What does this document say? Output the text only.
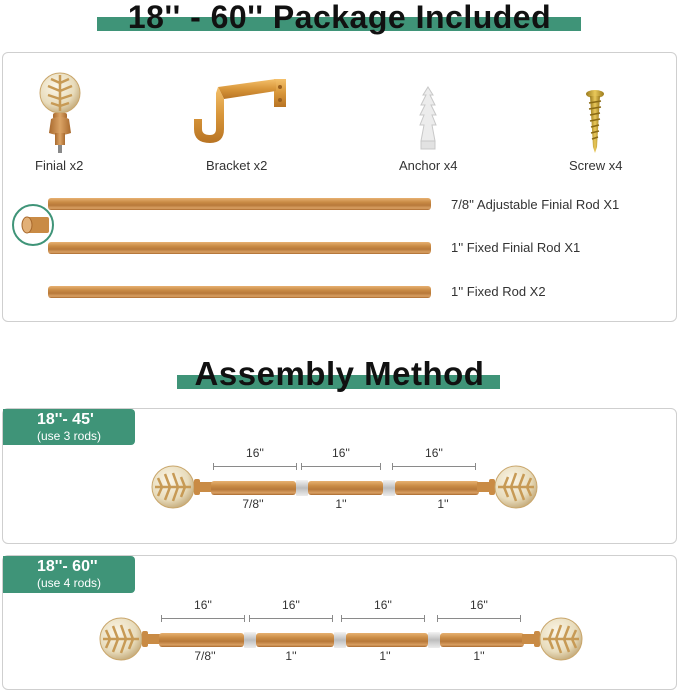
18'' - 60'' Package Included
Finial x2	Bracket x2	Anchor x4	Screw x4
7/8'' Adjustable Finial Rod X1
1'' Fixed Finial Rod X1
1'' Fixed Rod X2
Assembly Method
18''- 45'
(use 3 rods)
16''	16''	16''
7/8''	1''	1''
18''- 60''
(use 4 rods)
16''	16''	16''	16''
7/8''	1''	1''	1''
